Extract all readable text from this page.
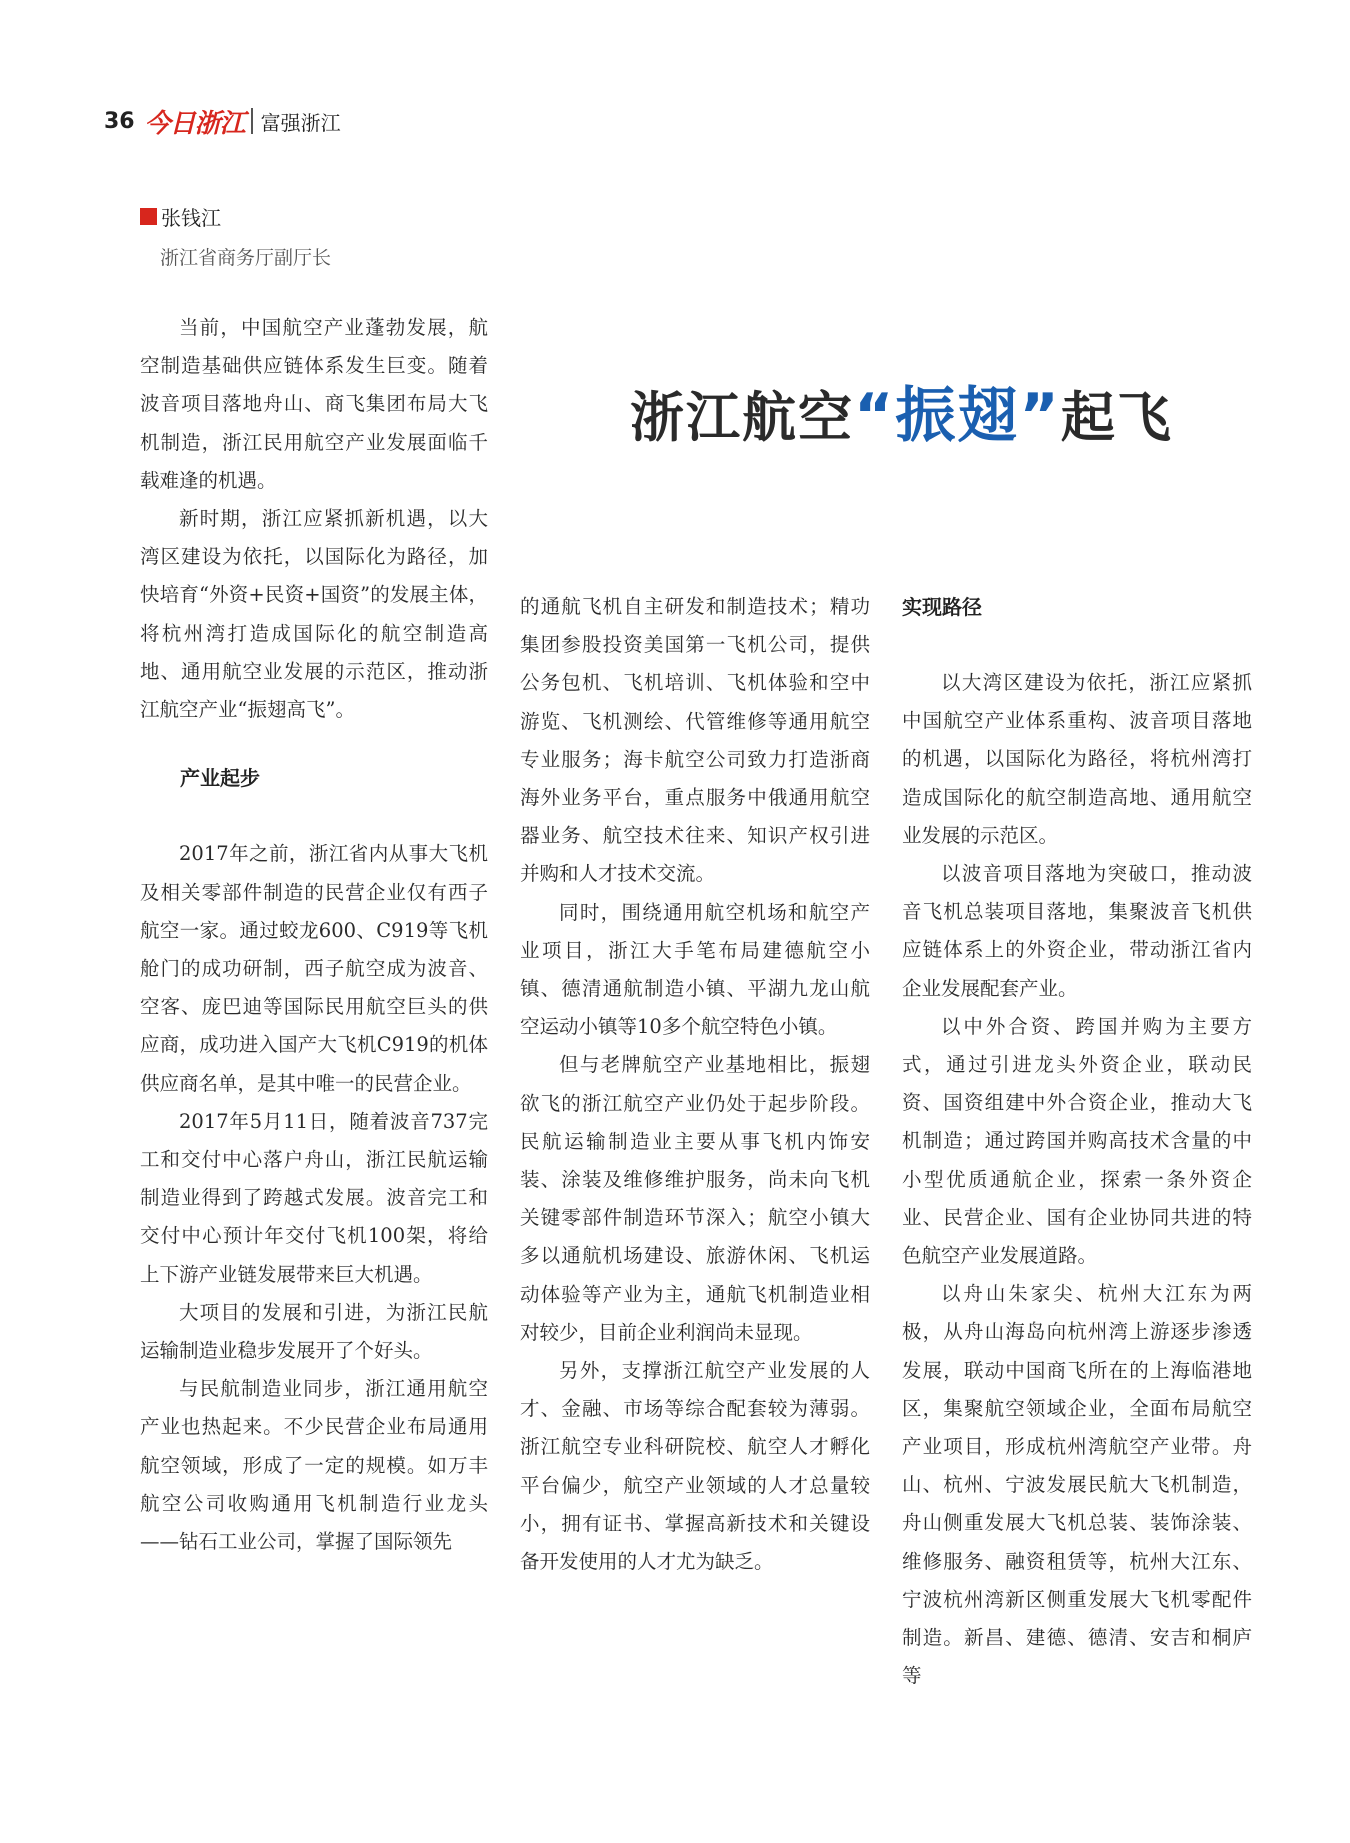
36 今日浙江 富强浙江
张钱江
浙江省商务厅副厅长
浙江航空“振翅”起飞

当前，中国航空产业蓬勃发展，航空制造基础供应链体系发生巨变。随着波音项目落地舟山、商飞集团布局大飞机制造，浙江民用航空产业发展面临千载难逢的机遇。

新时期，浙江应紧抓新机遇，以大湾区建设为依托，以国际化为路径，加快培育“外资+民资+国资”的发展主体，将杭州湾打造成国际化的航空制造高地、通用航空业发展的示范区，推动浙江航空产业“振翅高飞”。

产业起步

2017年之前，浙江省内从事大飞机及相关零部件制造的民营企业仅有西子航空一家。通过蛟龙600、C919等飞机舱门的成功研制，西子航空成为波音、空客、庞巴迪等国际民用航空巨头的供应商，成功进入国产大飞机C919的机体供应商名单，是其中唯一的民营企业。

2017年5月11日，随着波音737完工和交付中心落户舟山，浙江民航运输制造业得到了跨越式发展。波音完工和交付中心预计年交付飞机100架，将给上下游产业链发展带来巨大机遇。

大项目的发展和引进，为浙江民航运输制造业稳步发展开了个好头。

与民航制造业同步，浙江通用航空产业也热起来。不少民营企业布局通用航空领域，形成了一定的规模。如万丰航空公司收购通用飞机制造行业龙头——钻石工业公司，掌握了国际领先

的通航飞机自主研发和制造技术；精功集团参股投资美国第一飞机公司，提供公务包机、飞机培训、飞机体验和空中游览、飞机测绘、代管维修等通用航空专业服务；海卡航空公司致力打造浙商海外业务平台，重点服务中俄通用航空器业务、航空技术往来、知识产权引进并购和人才技术交流。

同时，围绕通用航空机场和航空产业项目，浙江大手笔布局建德航空小镇、德清通航制造小镇、平湖九龙山航空运动小镇等10多个航空特色小镇。

但与老牌航空产业基地相比，振翅欲飞的浙江航空产业仍处于起步阶段。民航运输制造业主要从事飞机内饰安装、涂装及维修维护服务，尚未向飞机关键零部件制造环节深入；航空小镇大多以通航机场建设、旅游休闲、飞机运动体验等产业为主，通航飞机制造业相对较少，目前企业利润尚未显现。

另外，支撑浙江航空产业发展的人才、金融、市场等综合配套较为薄弱。浙江航空专业科研院校、航空人才孵化平台偏少，航空产业领域的人才总量较小，拥有证书、掌握高新技术和关键设备开发使用的人才尤为缺乏。

实现路径

以大湾区建设为依托，浙江应紧抓中国航空产业体系重构、波音项目落地的机遇，以国际化为路径，将杭州湾打造成国际化的航空制造高地、通用航空业发展的示范区。

以波音项目落地为突破口，推动波音飞机总装项目落地，集聚波音飞机供应链体系上的外资企业，带动浙江省内企业发展配套产业。

以中外合资、跨国并购为主要方式，通过引进龙头外资企业，联动民资、国资组建中外合资企业，推动大飞机制造；通过跨国并购高技术含量的中小型优质通航企业，探索一条外资企业、民营企业、国有企业协同共进的特色航空产业发展道路。

以舟山朱家尖、杭州大江东为两极，从舟山海岛向杭州湾上游逐步渗透发展，联动中国商飞所在的上海临港地区，集聚航空领域企业，全面布局航空产业项目，形成杭州湾航空产业带。舟山、杭州、宁波发展民航大飞机制造，舟山侧重发展大飞机总装、装饰涂装、维修服务、融资租赁等，杭州大江东、宁波杭州湾新区侧重发展大飞机零配件制造。新昌、建德、德清、安吉和桐庐等
